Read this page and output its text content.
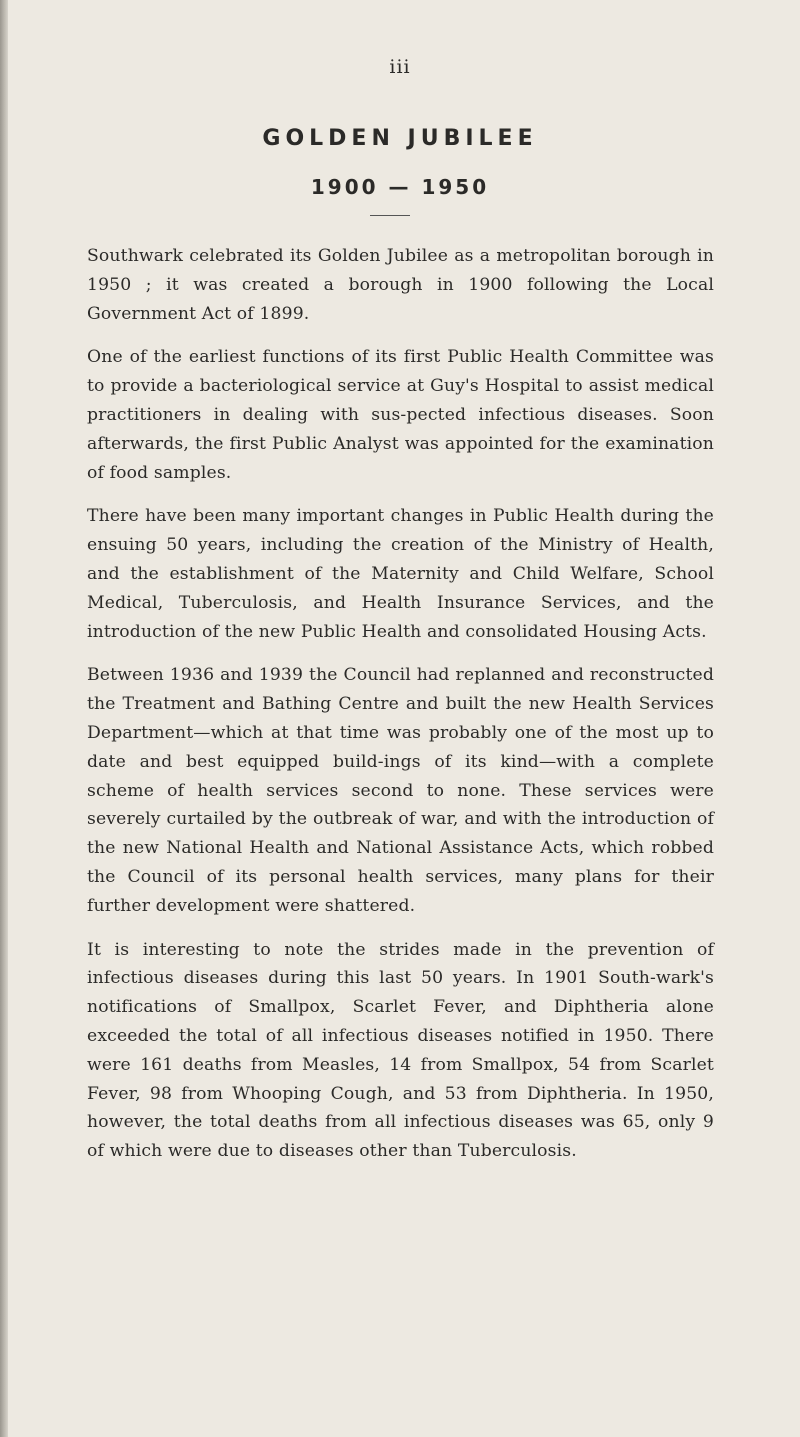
iii
GOLDEN JUBILEE
1900 — 1950

Southwark celebrated its Golden Jubilee as a metropolitan borough in 1950 ; it was created a borough in 1900 following the Local Government Act of 1899.

One of the earliest functions of its first Public Health Committee was to provide a bacteriological service at Guy's Hospital to assist medical practitioners in dealing with sus-pected infectious diseases. Soon afterwards, the first Public Analyst was appointed for the examination of food samples.

There have been many important changes in Public Health during the ensuing 50 years, including the creation of the Ministry of Health, and the establishment of the Maternity and Child Welfare, School Medical, Tuberculosis, and Health Insurance Services, and the introduction of the new Public Health and consolidated Housing Acts.

Between 1936 and 1939 the Council had replanned and reconstructed the Treatment and Bathing Centre and built the new Health Services Department—which at that time was probably one of the most up to date and best equipped build-ings of its kind—with a complete scheme of health services second to none. These services were severely curtailed by the outbreak of war, and with the introduction of the new National Health and National Assistance Acts, which robbed the Council of its personal health services, many plans for their further development were shattered.

It is interesting to note the strides made in the prevention of infectious diseases during this last 50 years. In 1901 South-wark's notifications of Smallpox, Scarlet Fever, and Diphtheria alone exceeded the total of all infectious diseases notified in 1950. There were 161 deaths from Measles, 14 from Smallpox, 54 from Scarlet Fever, 98 from Whooping Cough, and 53 from Diphtheria. In 1950, however, the total deaths from all infectious diseases was 65, only 9 of which were due to diseases other than Tuberculosis.
